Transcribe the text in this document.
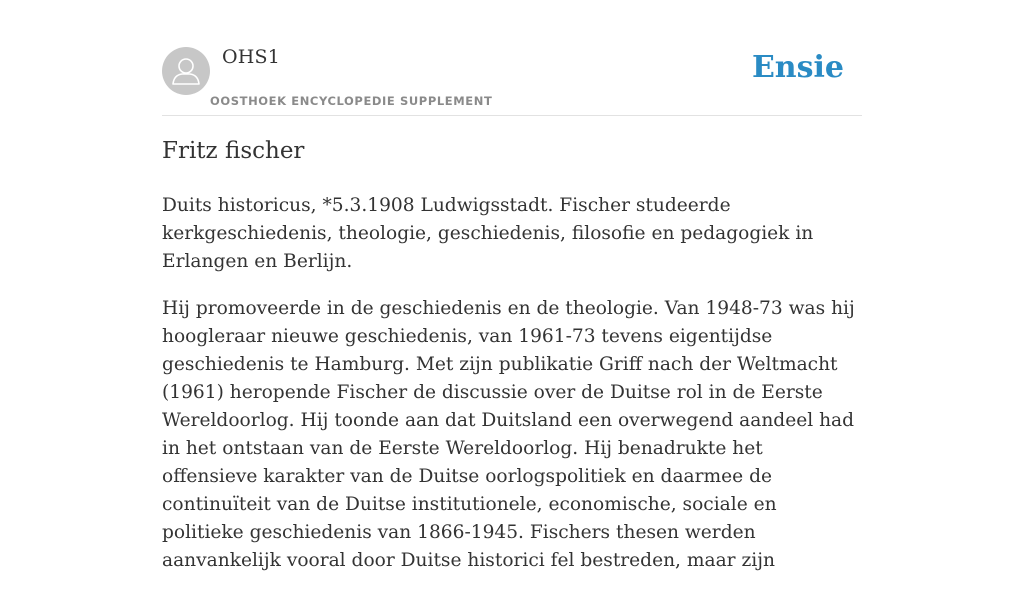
OHS1
OOSTHOEK ENCYCLOPEDIE SUPPLEMENT
Ensie
Fritz fischer

Duits historicus, *5.3.1908 Ludwigsstadt. Fischer studeerde kerkgeschiedenis, theologie, geschiedenis, filosofie en pedagogiek in Erlangen en Berlijn.

Hij promoveerde in de geschiedenis en de theologie. Van 1948-73 was hij hoogleraar nieuwe geschiedenis, van 1961-73 tevens eigentijdse geschiedenis te Hamburg. Met zijn publikatie Griff nach der Weltmacht (1961) heropende Fischer de discussie over de Duitse rol in de Eerste Wereldoorlog. Hij toonde aan dat Duitsland een overwegend aandeel had in het ontstaan van de Eerste Wereldoorlog. Hij benadrukte het offensieve karakter van de Duitse oorlogspolitiek en daarmee de continuïteit van de Duitse institutionele, economische, sociale en politieke geschiedenis van 1866-1945. Fischers thesen werden aanvankelijk vooral door Duitse historici fel bestreden, maar zijn
